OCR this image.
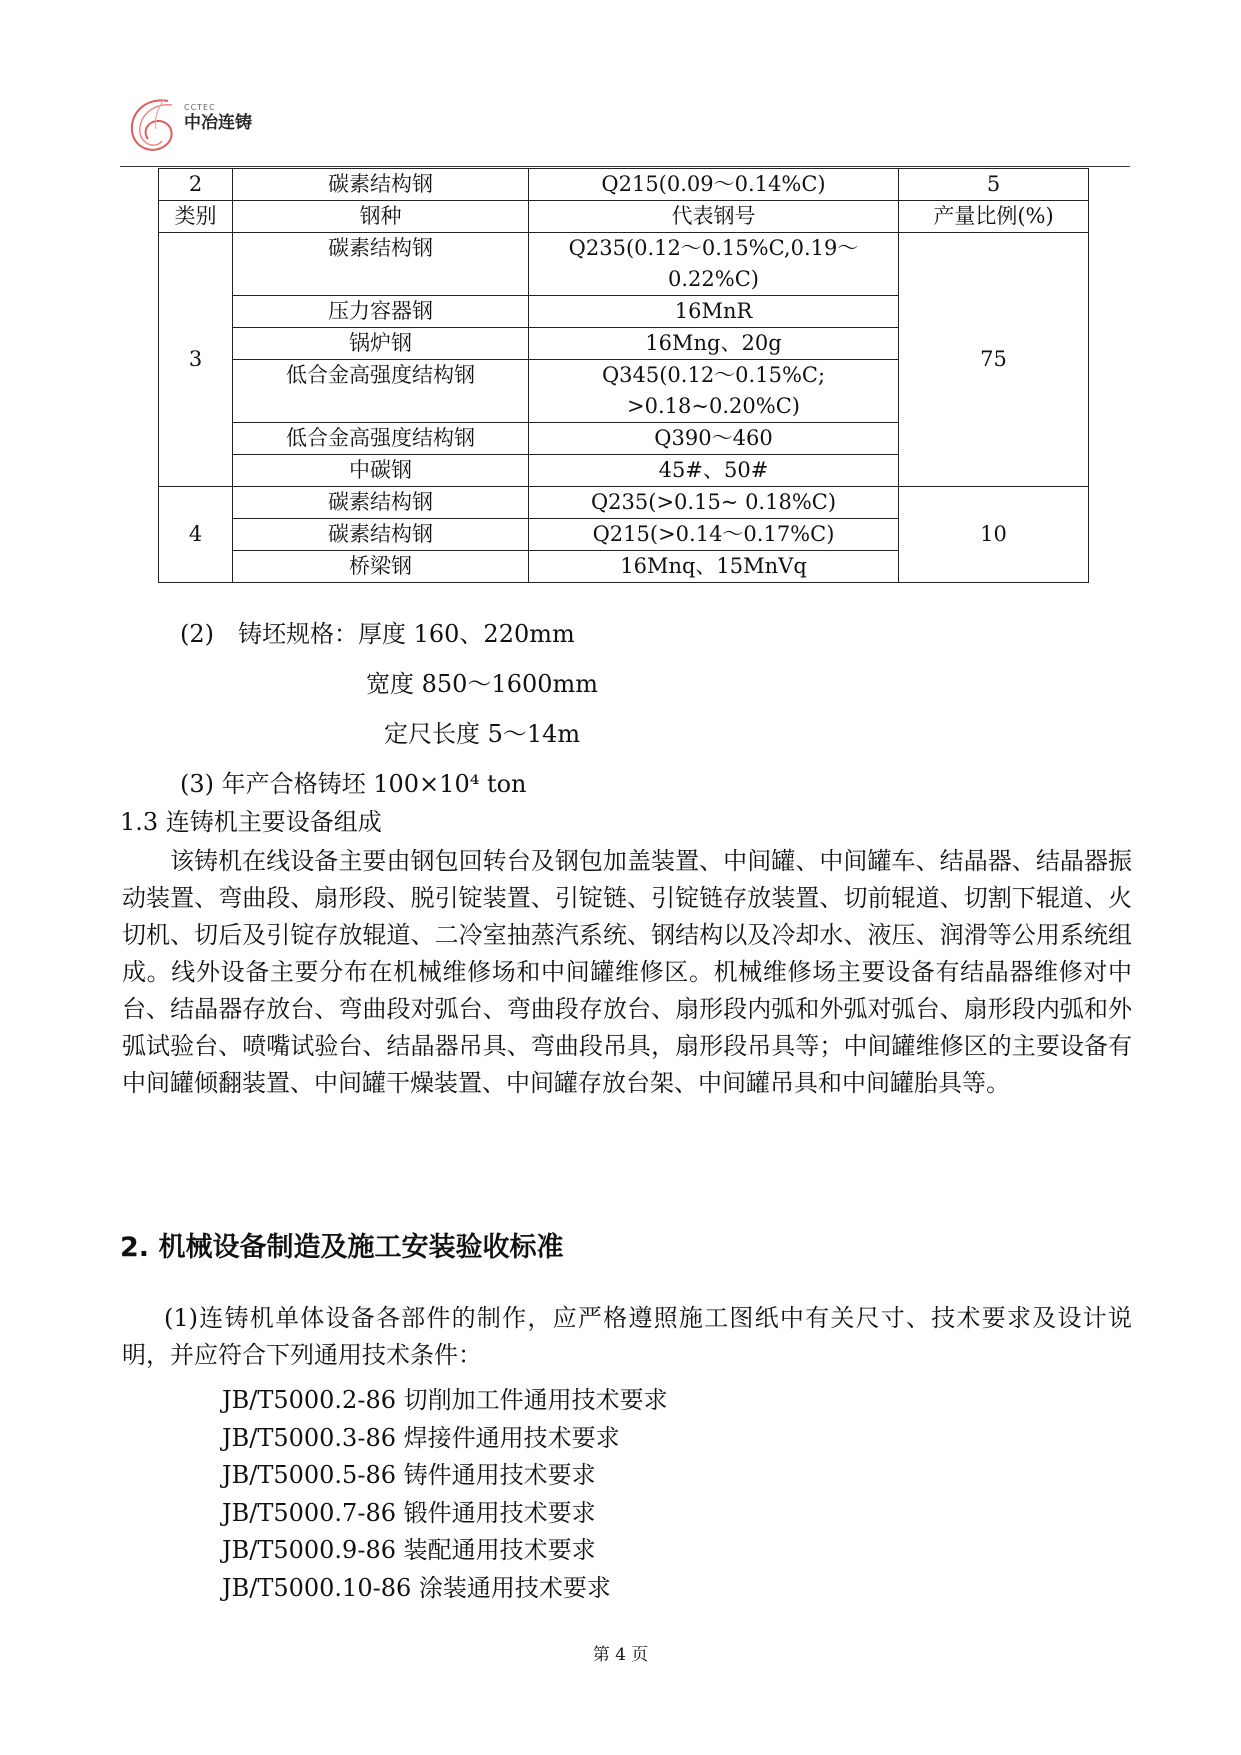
CCTEC
中冶连铸
2	碳素结构钢	Q215(0.09～0.14%C)	5
类别	钢种	代表钢号	产量比例(%)
3	碳素结构钢	Q235(0.12～0.15%C,0.19～0.22%C)	75
	压力容器钢	16MnR	
	锅炉钢	16Mng、20g	
	低合金高强度结构钢	Q345(0.12～0.15%C; >0.18~0.20%C)	
	低合金高强度结构钢	Q390～460	
	中碳钢	45#、50#	
4	碳素结构钢	Q235(>0.15~ 0.18%C)	10
	碳素结构钢	Q215(>0.14～0.17%C)	
	桥梁钢	16Mnq、15MnVq	
(2)　铸坯规格：厚度 160、220mm
宽度 850～1600mm
定尺长度 5～14m
(3) 年产合格铸坯 100×10⁴ ton
1.3 连铸机主要设备组成
该铸机在线设备主要由钢包回转台及钢包加盖装置、中间罐、中间罐车、结晶器、结晶器振动装置、弯曲段、扇形段、脱引锭装置、引锭链、引锭链存放装置、切前辊道、切割下辊道、火切机、切后及引锭存放辊道、二冷室抽蒸汽系统、钢结构以及冷却水、液压、润滑等公用系统组成。线外设备主要分布在机械维修场和中间罐维修区。机械维修场主要设备有结晶器维修对中台、结晶器存放台、弯曲段对弧台、弯曲段存放台、扇形段内弧和外弧对弧台、扇形段内弧和外弧试验台、喷嘴试验台、结晶器吊具、弯曲段吊具，扇形段吊具等；中间罐维修区的主要设备有中间罐倾翻装置、中间罐干燥装置、中间罐存放台架、中间罐吊具和中间罐胎具等。
2. 机械设备制造及施工安装验收标准
(1)连铸机单体设备各部件的制作，应严格遵照施工图纸中有关尺寸、技术要求及设计说明，并应符合下列通用技术条件：
JB/T5000.2-86 切削加工件通用技术要求
JB/T5000.3-86 焊接件通用技术要求
JB/T5000.5-86 铸件通用技术要求
JB/T5000.7-86 锻件通用技术要求
JB/T5000.9-86 装配通用技术要求
JB/T5000.10-86 涂装通用技术要求
第 4 页
